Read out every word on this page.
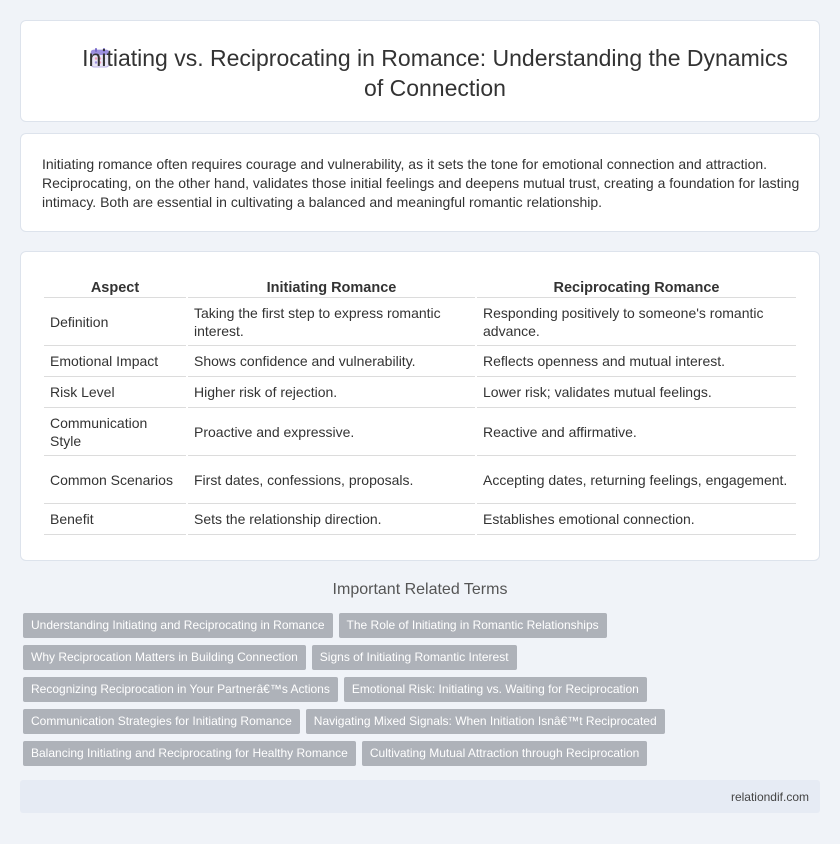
Initiating vs. Reciprocating in Romance: Understanding the Dynamics of Connection

Initiating romance often requires courage and vulnerability, as it sets the tone for emotional connection and attraction. Reciprocating, on the other hand, validates those initial feelings and deepens mutual trust, creating a foundation for lasting intimacy. Both are essential in cultivating a balanced and meaningful romantic relationship.

Aspect	Initiating Romance	Reciprocating Romance
Definition	Taking the first step to express romantic interest.	Responding positively to someone's romantic advance.
Emotional Impact	Shows confidence and vulnerability.	Reflects openness and mutual interest.
Risk Level	Higher risk of rejection.	Lower risk; validates mutual feelings.
Communication Style	Proactive and expressive.	Reactive and affirmative.
Common Scenarios	First dates, confessions, proposals.	Accepting dates, returning feelings, engagement.
Benefit	Sets the relationship direction.	Establishes emotional connection.
Important Related Terms
Understanding Initiating and Reciprocating in Romance The Role of Initiating in Romantic Relationships
Why Reciprocation Matters in Building Connection Signs of Initiating Romantic Interest
Recognizing Reciprocation in Your Partnerâ€™s Actions Emotional Risk: Initiating vs. Waiting for Reciprocation
Communication Strategies for Initiating Romance Navigating Mixed Signals: When Initiation Isnâ€™t Reciprocated
Balancing Initiating and Reciprocating for Healthy Romance Cultivating Mutual Attraction through Reciprocation
relationdif.com
